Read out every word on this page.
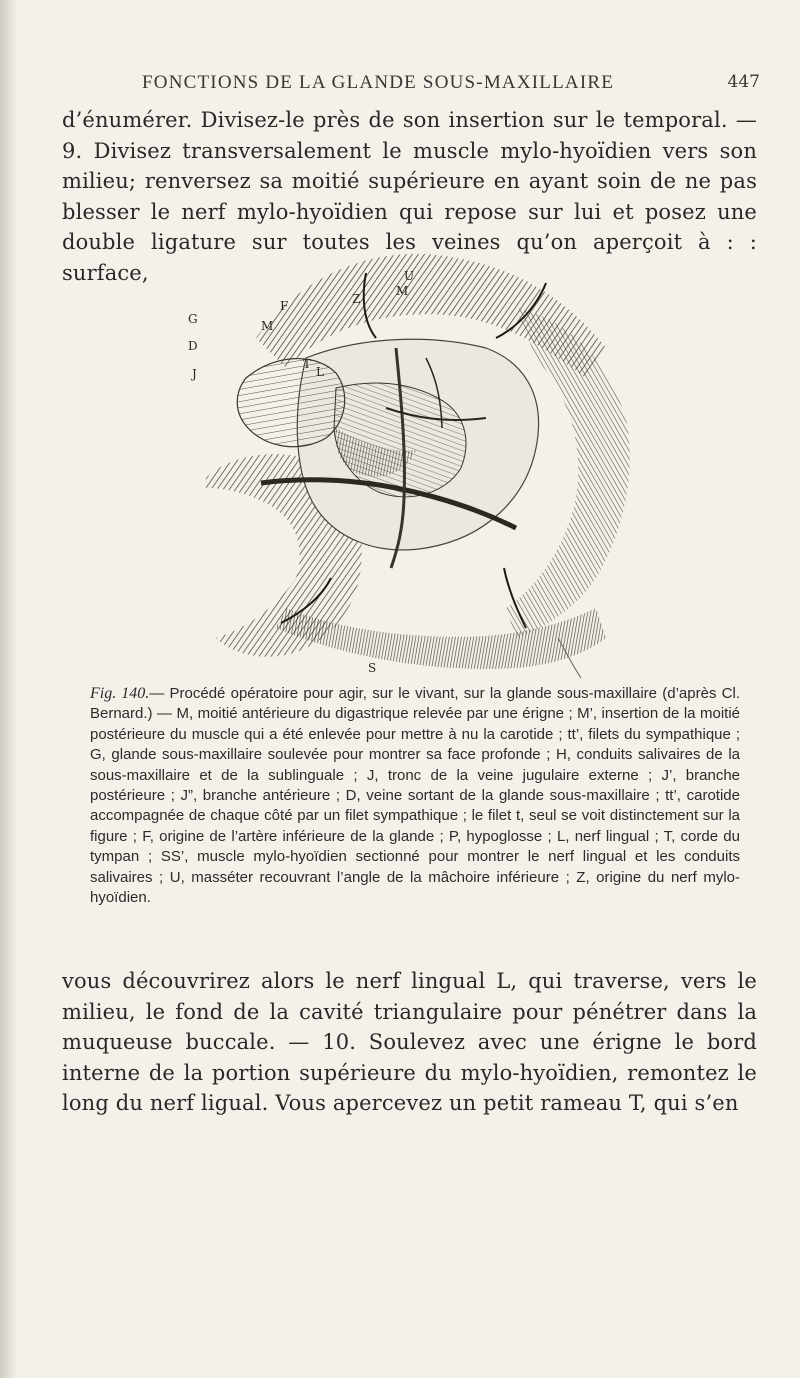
FONCTIONS DE LA GLANDE SOUS-MAXILLAIRE	447

d’énumérer. Divisez-le près de son insertion sur le temporal. — 9. Divisez transversalement le muscle mylo-hyoïdien vers son milieu; renversez sa moitié supérieure en ayant soin de ne pas blesser le nerf mylo-hyoïdien qui repose sur lui et posez une double ligature sur toutes les veines qu’on aperçoit à : : surface,	U
F	Z
M
M
G
D
J
T
L
S

Fig. 140.— Procédé opératoire pour agir, sur le vivant, sur la glande sous-maxillaire (d’après Cl. Bernard.) — M, moitié antérieure du digastrique relevée par une érigne ; M’, insertion de la moitié postérieure du muscle qui a été enlevée pour mettre à nu la carotide ; tt’, filets du sympathique ; G, glande sous-maxillaire soulevée pour montrer sa face profonde ; H, conduits salivaires de la sous-maxillaire et de la sublinguale ; J, tronc de la veine jugulaire externe ; J’, branche postérieure ; J”, branche antérieure ; D, veine sortant de la glande sous-maxillaire ; tt’, carotide accompagnée de chaque côté par un filet sympathique ; le filet t, seul se voit distinctement sur la figure ; F, origine de l’artère inférieure de la glande ; P, hypoglosse ; L, nerf lingual ; T, corde du tympan ; SS’, muscle mylo-hyoïdien sectionné pour montrer le nerf lingual et les conduits salivaires ; U, masséter recouvrant l’angle de la mâchoire inférieure ; Z, origine du nerf mylo-hyoïdien.

vous découvrirez alors le nerf lingual L, qui traverse, vers le milieu, le fond de la cavité triangulaire pour pénétrer dans la muqueuse buccale. — 10. Soulevez avec une érigne le bord interne de la portion supérieure du mylo-hyoïdien, remontez le long du nerf ligual. Vous apercevez un petit rameau T, qui s’en
